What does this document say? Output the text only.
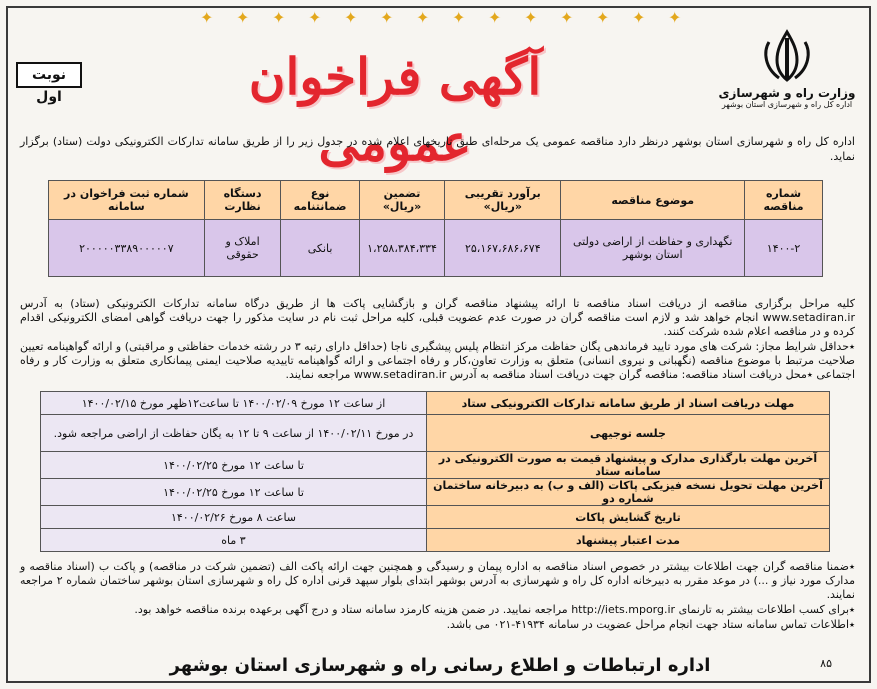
✦ ✦ ✦ ✦ ✦ ✦ ✦ ✦ ✦ ✦ ✦ ✦ ✦ ✦
نوبت اول	آگهی فراخوان عمومی
وزارت راه و شهرسازی
اداره کل راه و شهرسازی استان بوشهر
اداره کل راه و شهرسازی استان بوشهر درنظر دارد مناقصه عمومی یک مرحله‌ای طبق تاریخهای اعلام شده در جدول زیر را از طریق سامانه تدارکات الکترونیکی دولت (ستاد) برگزار نماید.
شماره مناقصه	موضوع مناقصه	برآورد تقریبی «ریال»	تضمین «ریال»	نوع ضمانتنامه	دستگاه نظارت	شماره ثبت فراخوان در سامانه
۱۴۰۰-۲	نگهداری و حفاظت از اراضی دولتی استان بوشهر	۲۵،۱۶۷،۶۸۶،۶۷۴	۱،۲۵۸،۳۸۴،۳۳۴	بانکی	املاک و حقوقی	۲۰۰۰۰۰۳۳۸۹۰۰۰۰۰۷

کلیه مراحل برگزاری مناقصه از دریافت اسناد مناقصه تا ارائه پیشنهاد مناقصه گران و بازگشایی پاکت ها از طریق درگاه سامانه تدارکات الکترونیکی (ستاد) به آدرس www.setadiran.ir انجام خواهد شد و لازم است مناقصه گران در صورت عدم عضویت قبلی، کلیه مراحل ثبت نام در سایت مذکور را جهت دریافت گواهی امضای الکترونیکی اقدام کرده و در مناقصه اعلام شده شرکت کنند.

٭حداقل شرایط مجاز: شرکت های مورد تایید فرماندهی یگان حفاظت مرکز انتظام پلیس پیشگیری ناجا (حداقل دارای رتبه ۳ در رشته خدمات حفاظتی و مراقبتی) و ارائه گواهینامه تعیین صلاحیت مرتبط با موضوع مناقصه (نگهبانی و نیروی انسانی) متعلق به وزارت تعاون،کار و رفاه اجتماعی و ارائه گواهینامه تاییدیه صلاحیت ایمنی پیمانکاری متعلق به وزارت کار و رفاه اجتماعی ٭محل دریافت اسناد مناقصه: مناقصه گران جهت دریافت اسناد مناقصه به آدرس www.setadiran.ir مراجعه نمایند.

مهلت دریافت اسناد از طریق سامانه تدارکات الکترونیکی ستاد	از ساعت ۱۲ مورخ ۱۴۰۰/۰۲/۰۹ تا ساعت۱۲ظهر مورخ ۱۴۰۰/۰۲/۱۵
جلسه توجیهی	در مورخ ۱۴۰۰/۰۲/۱۱ از ساعت ۹ تا ۱۲ به یگان حفاظت از اراضی مراجعه شود.
آخرین مهلت بارگذاری مدارک و پیشنهاد قیمت به صورت الکترونیکی در سامانه ستاد	تا ساعت ۱۲ مورخ ۱۴۰۰/۰۲/۲۵
آخرین مهلت تحویل نسخه فیزیکی پاکات (الف و ب) به دبیرخانه ساختمان شماره دو	تا ساعت ۱۲ مورخ ۱۴۰۰/۰۲/۲۵
تاریخ گشایش پاکات	ساعت ۸ مورخ ۱۴۰۰/۰۲/۲۶
مدت اعتبار پیشنهاد	۳ ماه

٭ضمنا مناقصه گران جهت اطلاعات بیشتر در خصوص اسناد مناقصه به اداره پیمان و رسیدگی و همچنین جهت ارائه پاکت الف (تضمین شرکت در مناقصه) و پاکت ب (اسناد مناقصه و مدارک مورد نیاز و ...) در موعد مقرر به دبیرخانه اداره کل راه و شهرسازی به آدرس بوشهر ابتدای بلوار سپهد قرنی اداره کل راه و شهرسازی استان بوشهر ساختمان شماره ۲ مراجعه نمایند.

٭برای کسب اطلاعات بیشتر به تارنمای http://iets.mporg.ir مراجعه نمایید. در ضمن هزینه کارمزد سامانه ستاد و درج آگهی برعهده برنده مناقصه خواهد بود.

٭اطلاعات تماس سامانه ستاد جهت انجام مراحل عضویت در سامانه ۴۱۹۳۴-۰۲۱ می باشد.

اداره ارتباطات و اطلاع رسانی راه و شهرسازی استان بوشهر	۸۵
